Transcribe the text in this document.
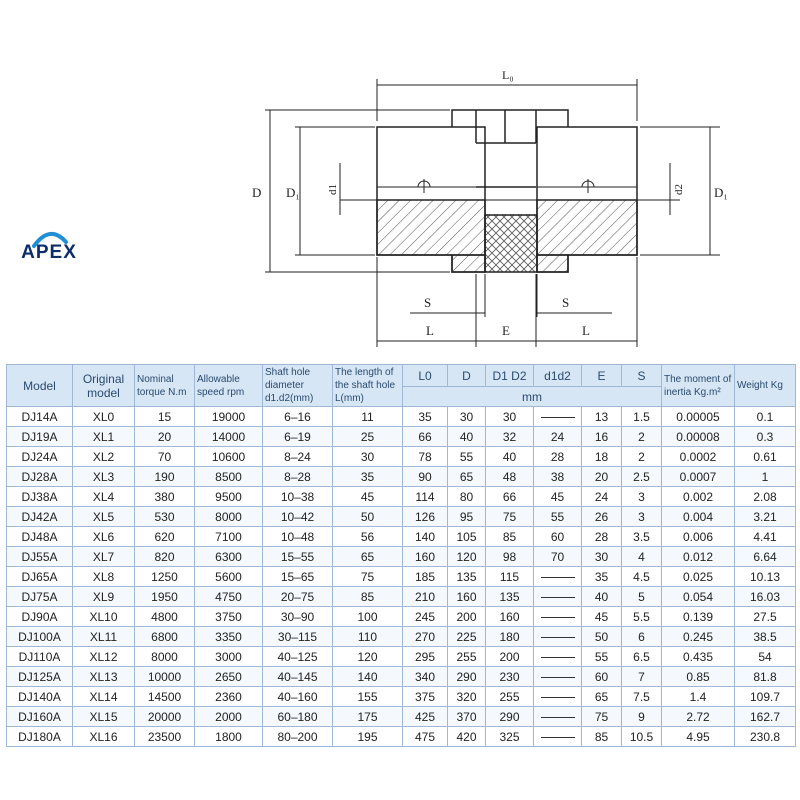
APEX
L₀
D D₁ d1	d2 D₁
S	S
L	E	L
Model	Original model	Nominal torque N.m	Allowable speed rpm	Shaft hole diameter d1.d2(mm)	The length of the shaft hole L(mm)	L0	D	D1 D2	d1d2	E	S	The moment of inertia Kg.m²	Weight Kg
						mm							
DJ14A	XL0	15	19000	6–16	11	35	30	30		13	1.5	0.00005	0.1
DJ19A	XL1	20	14000	6–19	25	66	40	32	24	16	2	0.00008	0.3
DJ24A	XL2	70	10600	8–24	30	78	55	40	28	18	2	0.0002	0.61
DJ28A	XL3	190	8500	8–28	35	90	65	48	38	20	2.5	0.0007	1
DJ38A	XL4	380	9500	10–38	45	114	80	66	45	24	3	0.002	2.08
DJ42A	XL5	530	8000	10–42	50	126	95	75	55	26	3	0.004	3.21
DJ48A	XL6	620	7100	10–48	56	140	105	85	60	28	3.5	0.006	4.41
DJ55A	XL7	820	6300	15–55	65	160	120	98	70	30	4	0.012	6.64
DJ65A	XL8	1250	5600	15–65	75	185	135	115		35	4.5	0.025	10.13
DJ75A	XL9	1950	4750	20–75	85	210	160	135		40	5	0.054	16.03
DJ90A	XL10	4800	3750	30–90	100	245	200	160		45	5.5	0.139	27.5
DJ100A	XL11	6800	3350	30–115	110	270	225	180		50	6	0.245	38.5
DJ110A	XL12	8000	3000	40–125	120	295	255	200		55	6.5	0.435	54
DJ125A	XL13	10000	2650	40–145	140	340	290	230		60	7	0.85	81.8
DJ140A	XL14	14500	2360	40–160	155	375	320	255		65	7.5	1.4	109.7
DJ160A	XL15	20000	2000	60–180	175	425	370	290		75	9	2.72	162.7
DJ180A	XL16	23500	1800	80–200	195	475	420	325		85	10.5	4.95	230.8
